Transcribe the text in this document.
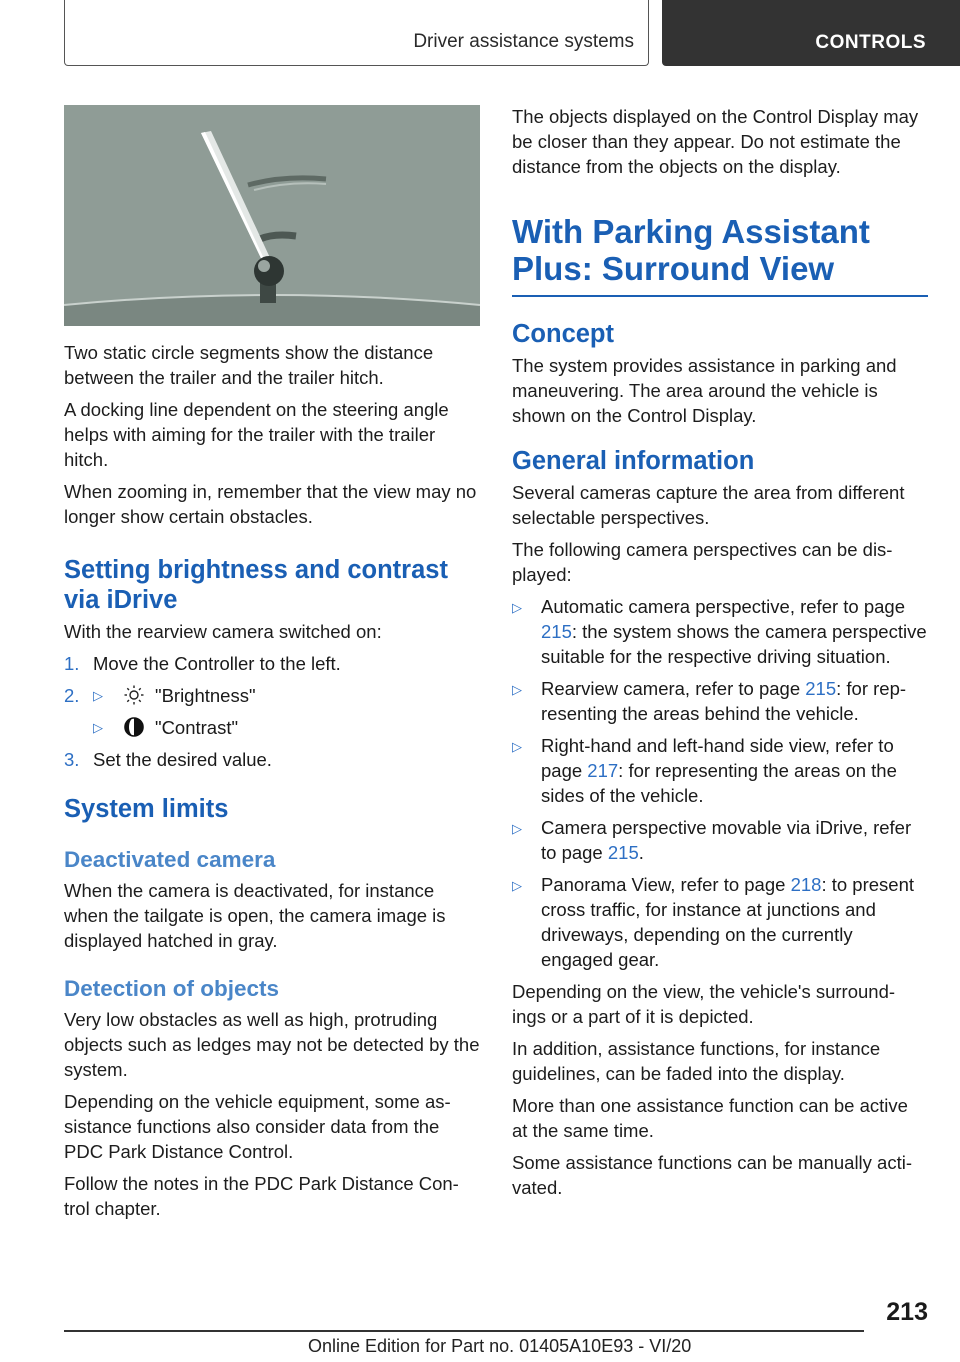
Driver assistance systems	CONTROLS

Two static circle segments show the distance between the trailer and the trailer hitch.

A docking line dependent on the steering angle helps with aiming for the trailer with the trailer hitch.

When zooming in, remember that the view may no longer show certain obstacles.

Setting brightness and contrast via iDrive

With the rearview camera switched on:

1. Move the Controller to the left.
2. ▷	"Brightness"
▷	"Contrast"
3. Set the desired value.
System limits
Deactivated camera

When the camera is deactivated, for instance when the tailgate is open, the camera image is displayed hatched in gray.

Detection of objects

Very low obstacles as well as high, protruding objects such as ledges may not be detected by the system.

Depending on the vehicle equipment, some as‐sistance functions also consider data from the PDC Park Distance Control.

Follow the notes in the PDC Park Distance Con‐trol chapter.

The objects displayed on the Control Display may be closer than they appear. Do not estimate the distance from the objects on the display.

With Parking Assistant Plus: Surround View
Concept

The system provides assistance in parking and maneuvering. The area around the vehicle is shown on the Control Display.

General information

Several cameras capture the area from different selectable perspectives.

The following camera perspectives can be dis‐played:

▷ Automatic camera perspective, refer to page 215: the system shows the camera perspective suitable for the respective driving situation.
▷ Rearview camera, refer to page 215: for rep‐resenting the areas behind the vehicle.
▷ Right-hand and left-hand side view, refer to page 217: for representing the areas on the sides of the vehicle.
▷ Camera perspective movable via iDrive, refer to page 215.
▷ Panorama View, refer to page 218: to present cross traffic, for instance at junctions and driveways, depending on the currently engaged gear.

Depending on the view, the vehicle's surround‐ings or a part of it is depicted.

In addition, assistance functions, for instance guidelines, can be faded into the display.

More than one assistance function can be active at the same time.

Some assistance functions can be manually acti‐vated.

213
Online Edition for Part no. 01405A10E93 - VI/20
